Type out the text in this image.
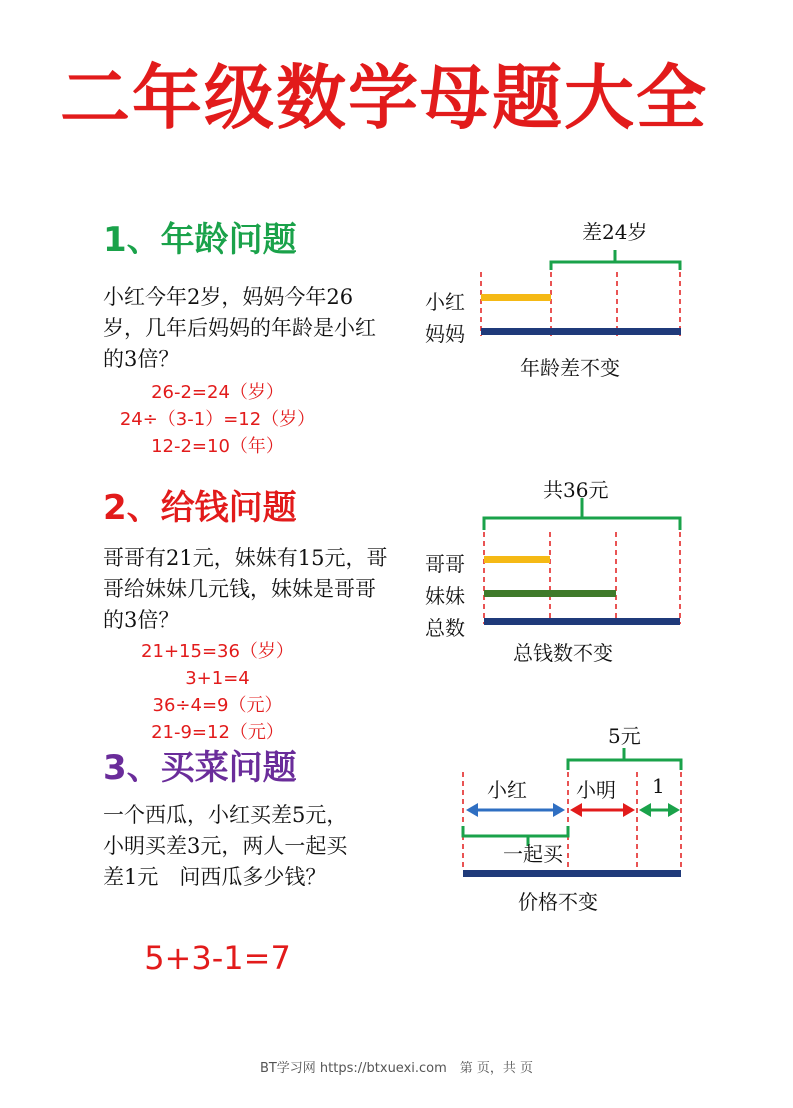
二年级数学母题大全
1、年龄问题
小红今年2岁，妈妈今年26岁，几年后妈妈的年龄是小红的3倍？
26-2=24（岁）
24÷（3-1）=12（岁）
12-2=10（年）
差24岁
小红
妈妈
年龄差不变
2、给钱问题
哥哥有21元，妹妹有15元，哥哥给妹妹几元钱，妹妹是哥哥的3倍？
21+15=36（岁）
3+1=4
36÷4=9（元）
21-9=12（元）
共36元
哥哥
妹妹
总数
总钱数不变
3、买菜问题
一个西瓜，小红买差5元，小明买差3元，两人一起买差1元　问西瓜多少钱？
5+3-1=7
5元
小红 小明 1
一起买
价格不变
BT学习网 https://btxuexi.com　第 页，共 页
